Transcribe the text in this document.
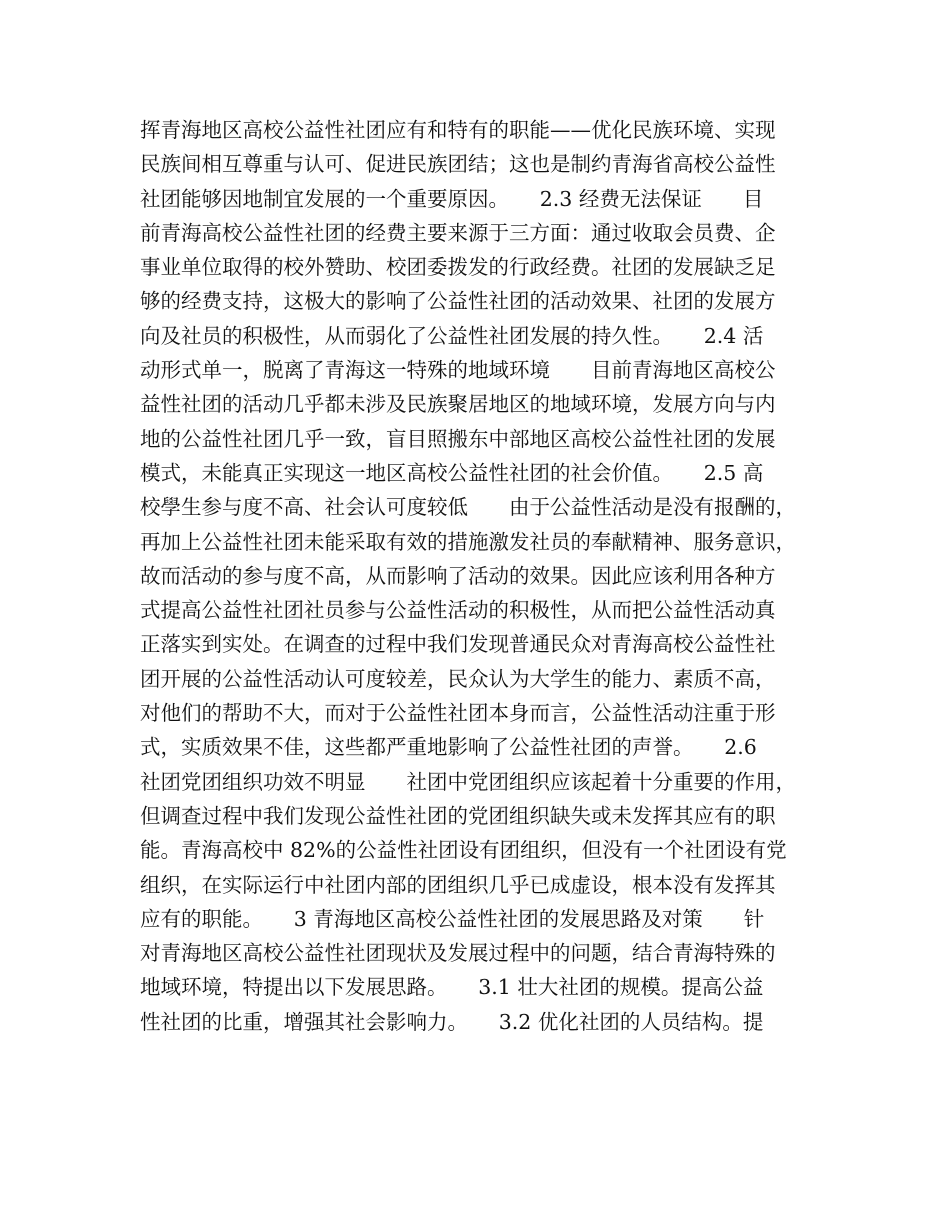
挥青海地区高校公益性社团应有和特有的职能——优化民族环境、实现
民族间相互尊重与认可、促进民族团结；这也是制约青海省高校公益性
社团能够因地制宜发展的一个重要原因。　　2.3 经费无法保证　　目
前青海高校公益性社团的经费主要来源于三方面：通过收取会员费、企
事业单位取得的校外赞助、校团委拨发的行政经费。社团的发展缺乏足
够的经费支持，这极大的影响了公益性社团的活动效果、社团的发展方
向及社员的积极性，从而弱化了公益性社团发展的持久性。　　2.4 活
动形式单一，脱离了青海这一特殊的地域环境　　目前青海地区高校公
益性社团的活动几乎都未涉及民族聚居地区的地域环境，发展方向与内
地的公益性社团几乎一致，盲目照搬东中部地区高校公益性社团的发展
模式，未能真正实现这一地区高校公益性社团的社会价值。　　2.5 高
校學生参与度不高、社会认可度较低　　由于公益性活动是没有报酬的，
再加上公益性社团未能采取有效的措施激发社员的奉献精神、服务意识，
故而活动的参与度不高，从而影响了活动的效果。因此应该利用各种方
式提高公益性社团社员参与公益性活动的积极性，从而把公益性活动真
正落实到实处。在调查的过程中我们发现普通民众对青海高校公益性社
团开展的公益性活动认可度较差，民众认为大学生的能力、素质不高，
对他们的帮助不大，而对于公益性社团本身而言，公益性活动注重于形
式，实质效果不佳，这些都严重地影响了公益性社团的声誉。　　2.6
社团党团组织功效不明显　　社团中党团组织应该起着十分重要的作用，
但调查过程中我们发现公益性社团的党团组织缺失或未发挥其应有的职
能。青海高校中 82%的公益性社团设有团组织，但没有一个社团设有党
组织，在实际运行中社团内部的团组织几乎已成虚设，根本没有发挥其
应有的职能。　　3 青海地区高校公益性社团的发展思路及对策　　针
对青海地区高校公益性社团现状及发展过程中的问题，结合青海特殊的
地域环境，特提出以下发展思路。　　3.1 壮大社团的规模。提高公益
性社团的比重，增强其社会影响力。　　3.2 优化社团的人员结构。提
